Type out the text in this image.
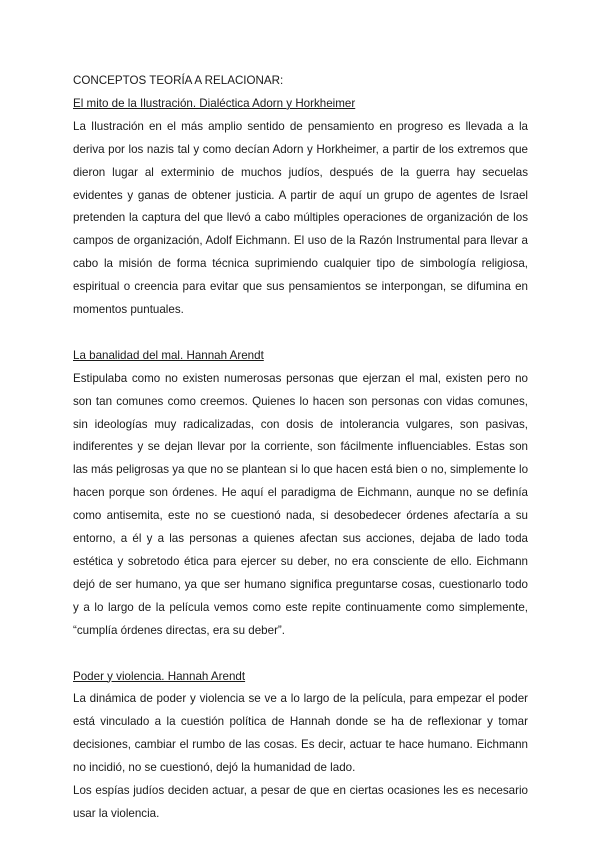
CONCEPTOS TEORÍA A RELACIONAR:

El mito de la Ilustración. Dialéctica Adorn y Horkheimer

La Ilustración en el más amplio sentido de pensamiento en progreso es llevada a la deriva por los nazis tal y como decían Adorn y Horkheimer, a partir de los extremos que dieron lugar al exterminio de muchos judíos, después de la guerra hay secuelas evidentes y ganas de obtener justicia. A partir de aquí un grupo de agentes de Israel pretenden la captura del que llevó a cabo múltiples operaciones de organización de los campos de organización, Adolf Eichmann. El uso de la Razón Instrumental para llevar a cabo la misión de forma técnica suprimiendo cualquier tipo de simbología religiosa, espiritual o creencia para evitar que sus pensamientos se interpongan, se difumina en momentos puntuales.

La banalidad del mal. Hannah Arendt

Estipulaba como no existen numerosas personas que ejerzan el mal, existen pero no son tan comunes como creemos. Quienes lo hacen son personas con vidas comunes, sin ideologías muy radicalizadas, con dosis de intolerancia vulgares, son pasivas, indiferentes y se dejan llevar por la corriente, son fácilmente influenciables. Estas son las más peligrosas ya que no se plantean si lo que hacen está bien o no, simplemente lo hacen porque son órdenes. He aquí el paradigma de Eichmann, aunque no se definía como antisemita, este no se cuestionó nada, si desobedecer órdenes afectaría a su entorno, a él y a las personas a quienes afectan sus acciones, dejaba de lado toda estética y sobretodo ética para ejercer su deber, no era consciente de ello. Eichmann dejó de ser humano, ya que ser humano significa preguntarse cosas, cuestionarlo todo y a lo largo de la película vemos como este repite continuamente como simplemente, “cumplía órdenes directas, era su deber”.

Poder y violencia. Hannah Arendt

La dinámica de poder y violencia se ve a lo largo de la película, para empezar el poder está vinculado a la cuestión política de Hannah donde se ha de reflexionar y tomar decisiones, cambiar el rumbo de las cosas. Es decir, actuar te hace humano. Eichmann no incidió, no se cuestionó, dejó la humanidad de lado.

Los espías judíos deciden actuar, a pesar de que en ciertas ocasiones les es necesario usar la violencia.
